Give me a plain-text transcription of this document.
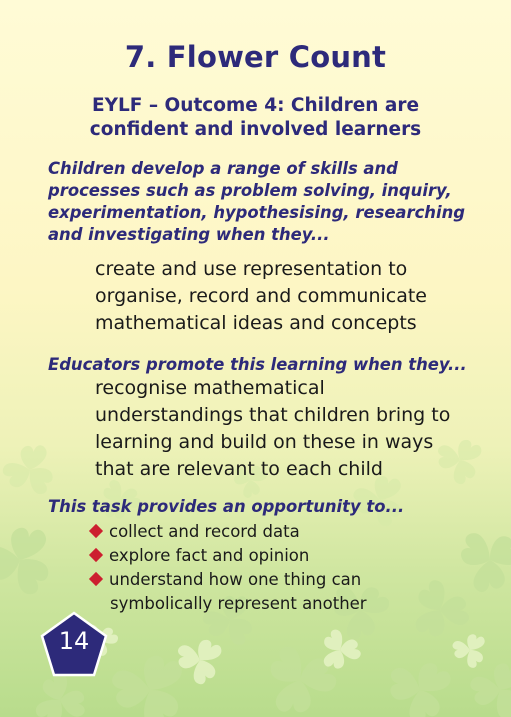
7. Flower Count
EYLF – Outcome 4: Children are
confident and involved learners
Children develop a range of skills and
processes such as problem solving, inquiry,
experimentation, hypothesising, researching
and investigating when they...
create and use representation to
organise, record and communicate
mathematical ideas and concepts
Educators promote this learning when they...
recognise mathematical
understandings that children bring to
learning and build on these in ways
that are relevant to each child
This task provides an opportunity to...
collect and record data
explore fact and opinion
understand how one thing can
symbolically represent another
14
